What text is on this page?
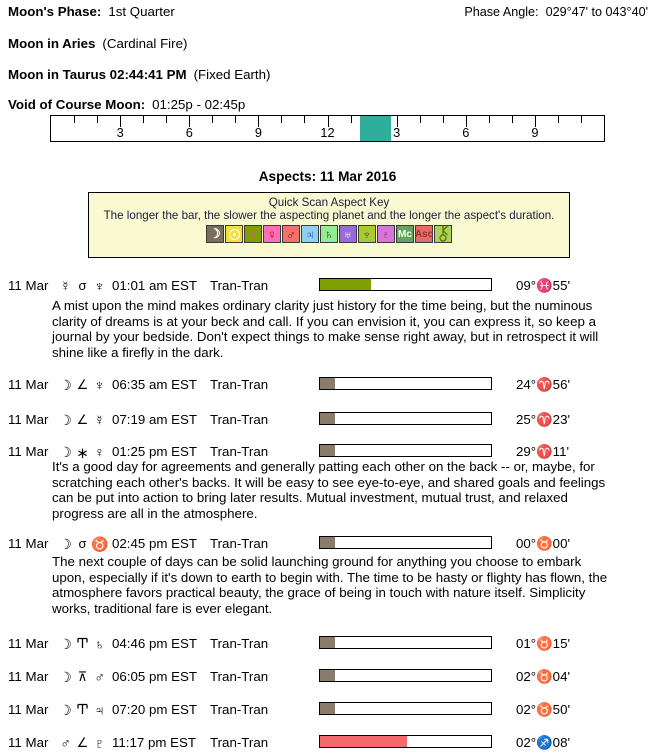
Moon's Phase: 1st Quarter	Phase Angle: 029°47' to 043°40'
Moon in Aries (Cardinal Fire)
Moon in Taurus 02:44:41 PM (Fixed Earth)
Void of Course Moon: 01:25p - 02:45p
3	6	9	12	3	6	9
Aspects: 11 Mar 2016
Quick Scan Aspect Key
The longer the bar, the slower the aspecting planet and the longer the aspect's duration.
☽ ☿ ♀ ♂ ♃ ♄ ♅ ♆ ♇ Mc Asc
11 Mar ☿ σ ♆ 01:01 am EST Tran-Tran	09°♓55'
A mist upon the mind makes ordinary clarity just history for the time being, but the numinous clarity of dreams is at your beck and call. If you can envision it, you can express it, so keep a journal by your bedside. Don't expect things to make sense right away, but in retrospect it will shine like a firefly in the dark.
11 Mar ☽ ∠ ♆ 06:35 am EST Tran-Tran	24°♈56'
11 Mar ☽ ∠ ☿ 07:19 am EST Tran-Tran	25°♈23'
11 Mar ☽ ∗ ♀ 01:25 pm EST Tran-Tran	29°♈11'
It's a good day for agreements and generally patting each other on the back -- or, maybe, for scratching each other's backs. It will be easy to see eye-to-eye, and shared goals and feelings can be put into action to bring later results. Mutual investment, mutual trust, and relaxed progress are all in the atmosphere.
11 Mar ☽ σ ♉ 02:45 pm EST Tran-Tran	00°♉00'
The next couple of days can be solid launching ground for anything you choose to embark upon, especially if it's down to earth to begin with. The time to be hasty or flighty has flown, the atmosphere favors practical beauty, the grace of being in touch with nature itself. Simplicity works, traditional fare is ever elegant.
11 Mar ☽ ♄ 04:46 pm EST Tran-Tran	01°♉15'
11 Mar ☽ ⊼ ♂ 06:05 pm EST Tran-Tran	02°♉04'
11 Mar ☽ ♃ 07:20 pm EST Tran-Tran	02°♉50'
11 Mar ♂ ∠ ♇ 11:17 pm EST Tran-Tran	02°♐08'
